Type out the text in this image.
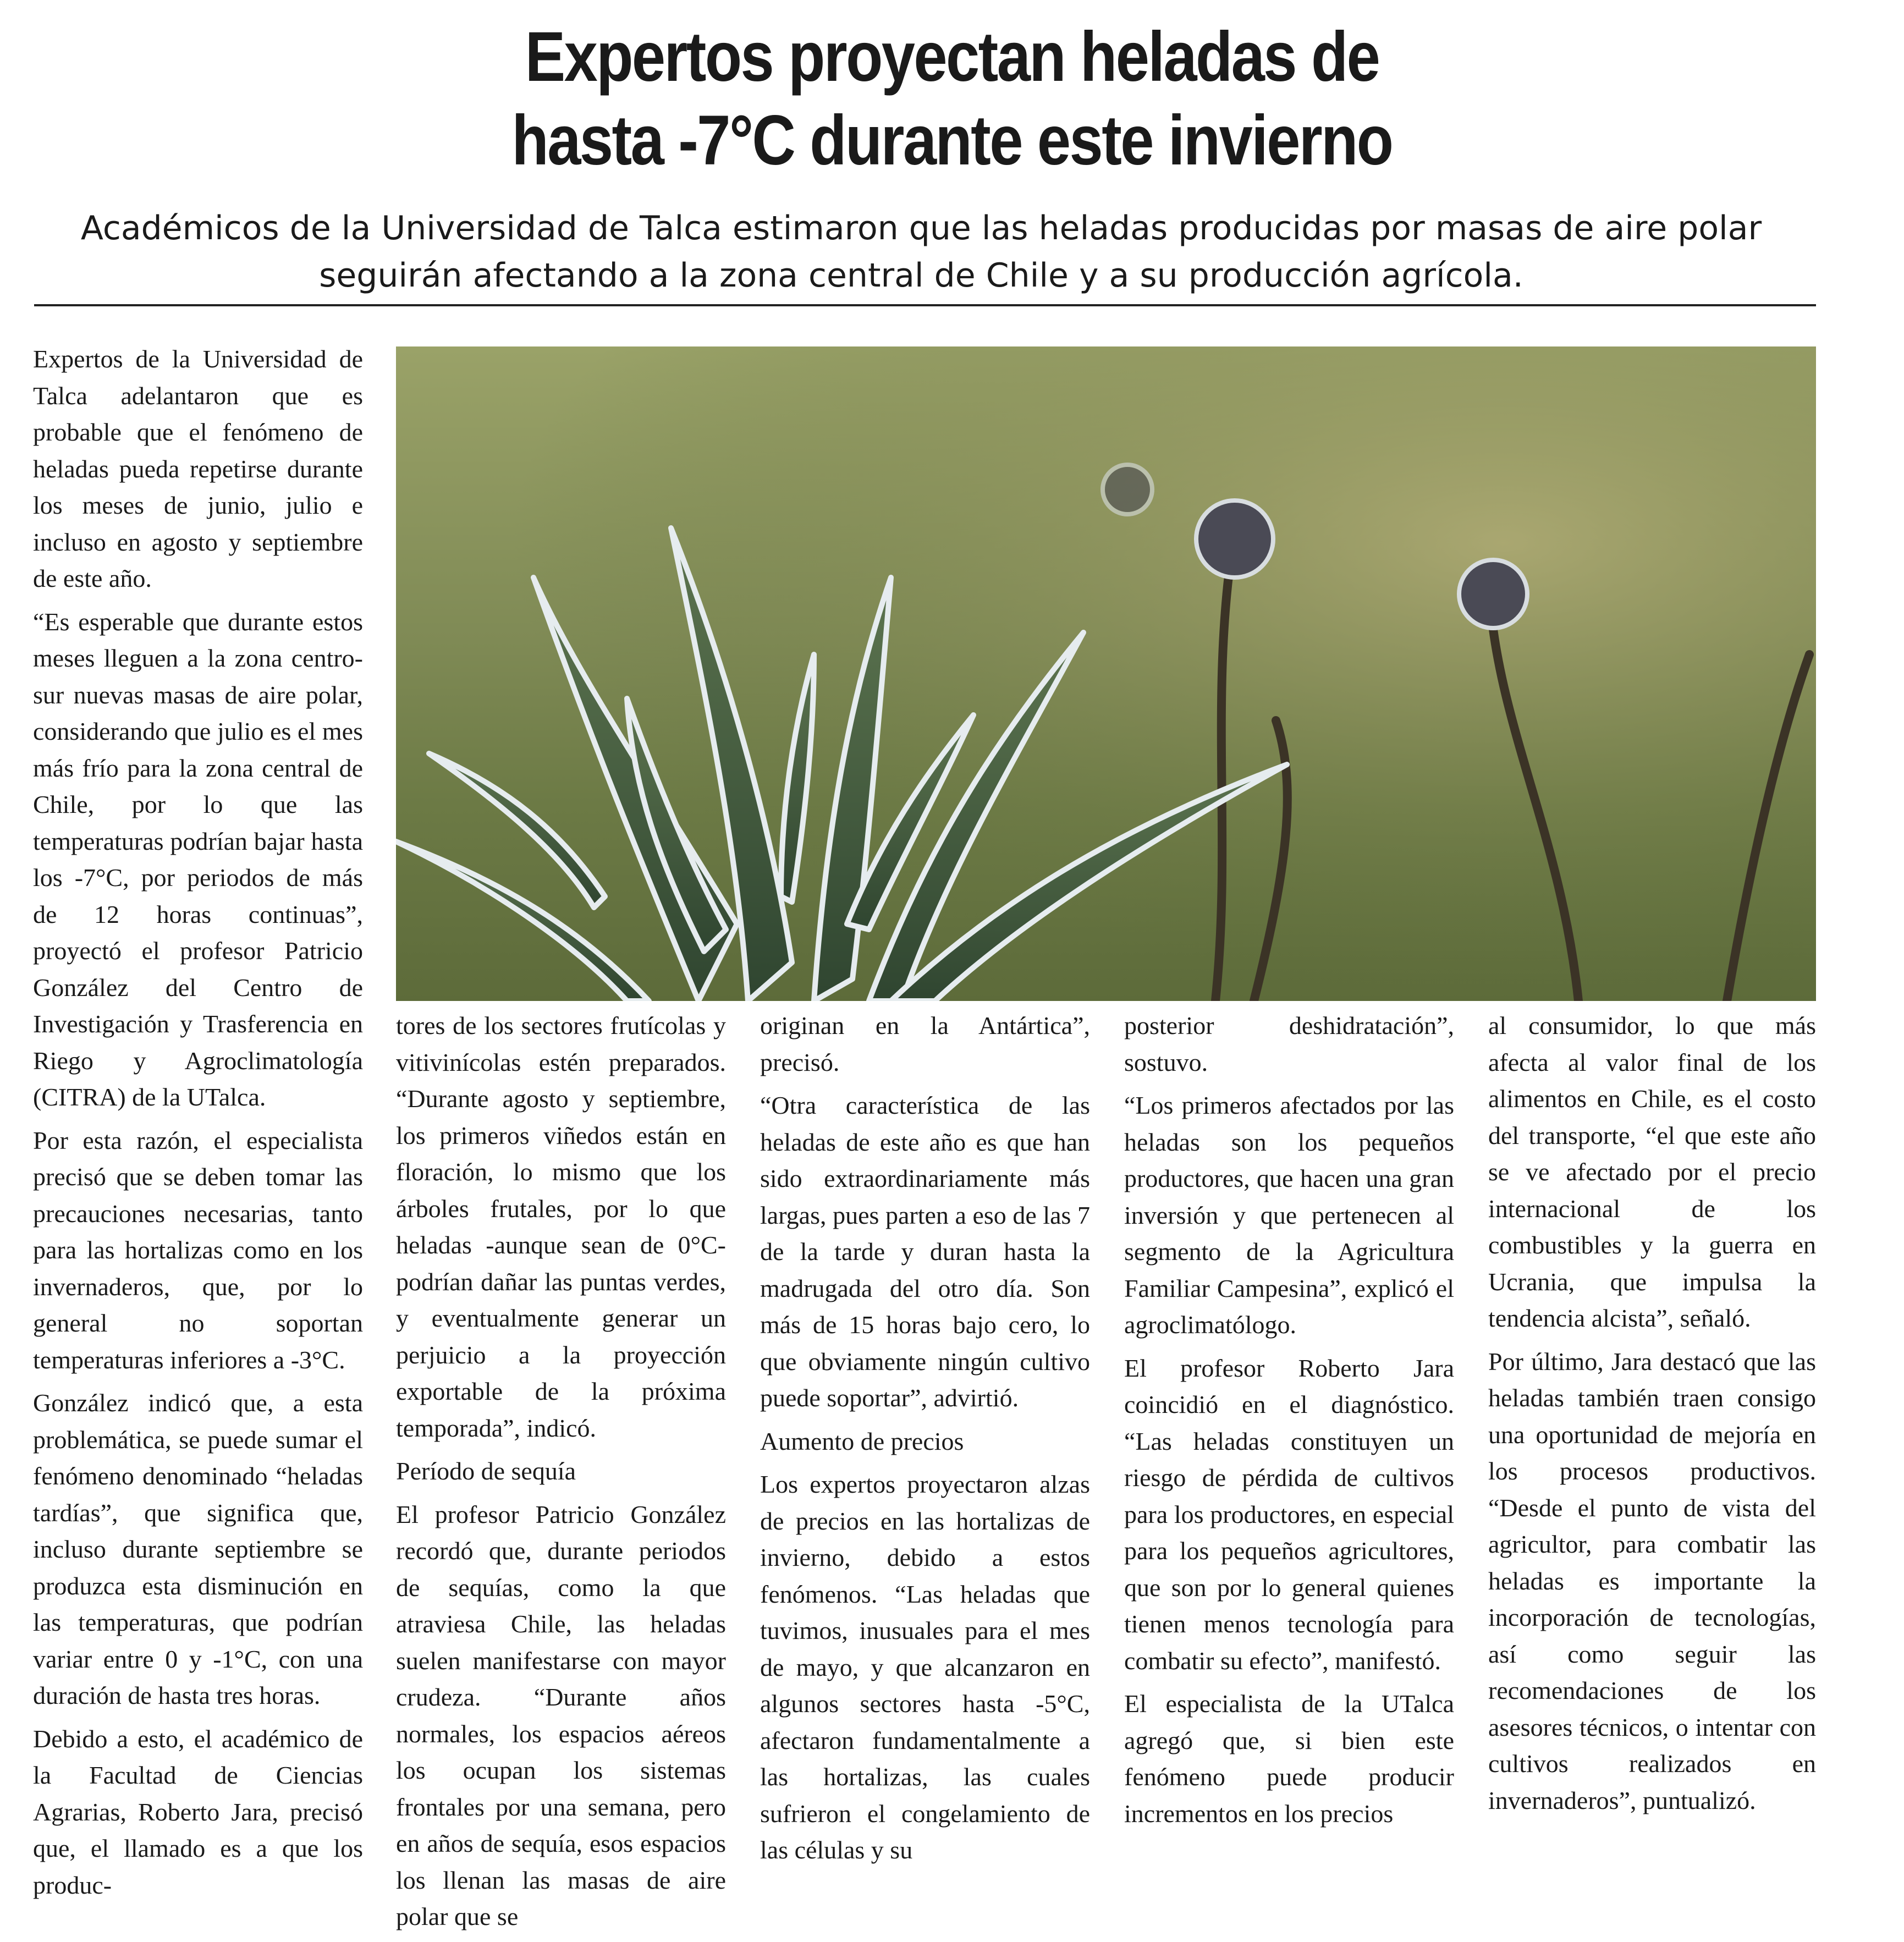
Expertos proyectan heladas de
hasta -7°C durante este invierno
Académicos de la Universidad de Talca estimaron que las heladas producidas por masas de aire polar seguirán afectando a la zona central de Chile y a su producción agrícola.

Expertos de la Universidad de Talca adelantaron que es probable que el fenómeno de heladas pueda repetirse durante los meses de junio, julio e incluso en agosto y septiembre de este año.

“Es esperable que durante estos meses lleguen a la zona centro-sur nuevas masas de aire polar, considerando que julio es el mes más frío para la zona central de Chile, por lo que las temperaturas podrían bajar hasta los -7°C, por periodos de más de 12 horas continuas”, proyectó el profesor Patricio González del Centro de Investigación y Trasferencia en Riego y Agroclimatología (CITRA) de la UTalca.

Por esta razón, el especialista precisó que se deben tomar las precauciones necesarias, tanto para las hortalizas como en los invernaderos, que, por lo general no soportan temperaturas inferiores a -3°C.

González indicó que, a esta problemática, se puede sumar el fenómeno denominado “heladas tardías”, que significa que, incluso durante septiembre se produzca esta disminución en las temperaturas, que podrían variar entre 0 y -1°C, con una duración de hasta tres horas.

Debido a esto, el académico de la Facultad de Ciencias Agrarias, Roberto Jara, precisó que, el llamado es a que los produc-

tores de los sectores frutícolas y vitivinícolas estén preparados. “Durante agosto y septiembre, los primeros viñedos están en floración, lo mismo que los árboles frutales, por lo que heladas -aunque sean de 0°C- podrían dañar las puntas verdes, y eventualmente generar un perjuicio a la proyección exportable de la próxima temporada”, indicó.

Período de sequía

El profesor Patricio González recordó que, durante periodos de sequías, como la que atraviesa Chile, las heladas suelen manifestarse con mayor crudeza. “Durante años normales, los espacios aéreos los ocupan los sistemas frontales por una semana, pero en años de sequía, esos espacios los llenan las masas de aire polar que se

originan en la Antártica”, precisó.

“Otra característica de las heladas de este año es que han sido extraordinariamente más largas, pues parten a eso de las 7 de la tarde y duran hasta la madrugada del otro día. Son más de 15 horas bajo cero, lo que obviamente ningún cultivo puede soportar”, advirtió.

Aumento de precios

Los expertos proyectaron alzas de precios en las hortalizas de invierno, debido a estos fenómenos. “Las heladas que tuvimos, inusuales para el mes de mayo, y que alcanzaron en algunos sectores hasta -5°C, afectaron fundamentalmente a las hortalizas, las cuales sufrieron el congelamiento de las células y su

posterior deshidratación”, sostuvo.

“Los primeros afectados por las heladas son los pequeños productores, que hacen una gran inversión y que pertenecen al segmento de la Agricultura Familiar Campesina”, explicó el agroclimatólogo.

El profesor Roberto Jara coincidió en el diagnóstico. “Las heladas constituyen un riesgo de pérdida de cultivos para los productores, en especial para los pequeños agricultores, que son por lo general quienes tienen menos tecnología para combatir su efecto”, manifestó.

El especialista de la UTalca agregó que, si bien este fenómeno puede producir incrementos en los precios

al consumidor, lo que más afecta al valor final de los alimentos en Chile, es el costo del transporte, “el que este año se ve afectado por el precio internacional de los combustibles y la guerra en Ucrania, que impulsa la tendencia alcista”, señaló.

Por último, Jara destacó que las heladas también traen consigo una oportunidad de mejoría en los procesos productivos. “Desde el punto de vista del agricultor, para combatir las heladas es importante la incorporación de tecnologías, así como seguir las recomendaciones de los asesores técnicos, o intentar con cultivos realizados en invernaderos”, puntualizó.
